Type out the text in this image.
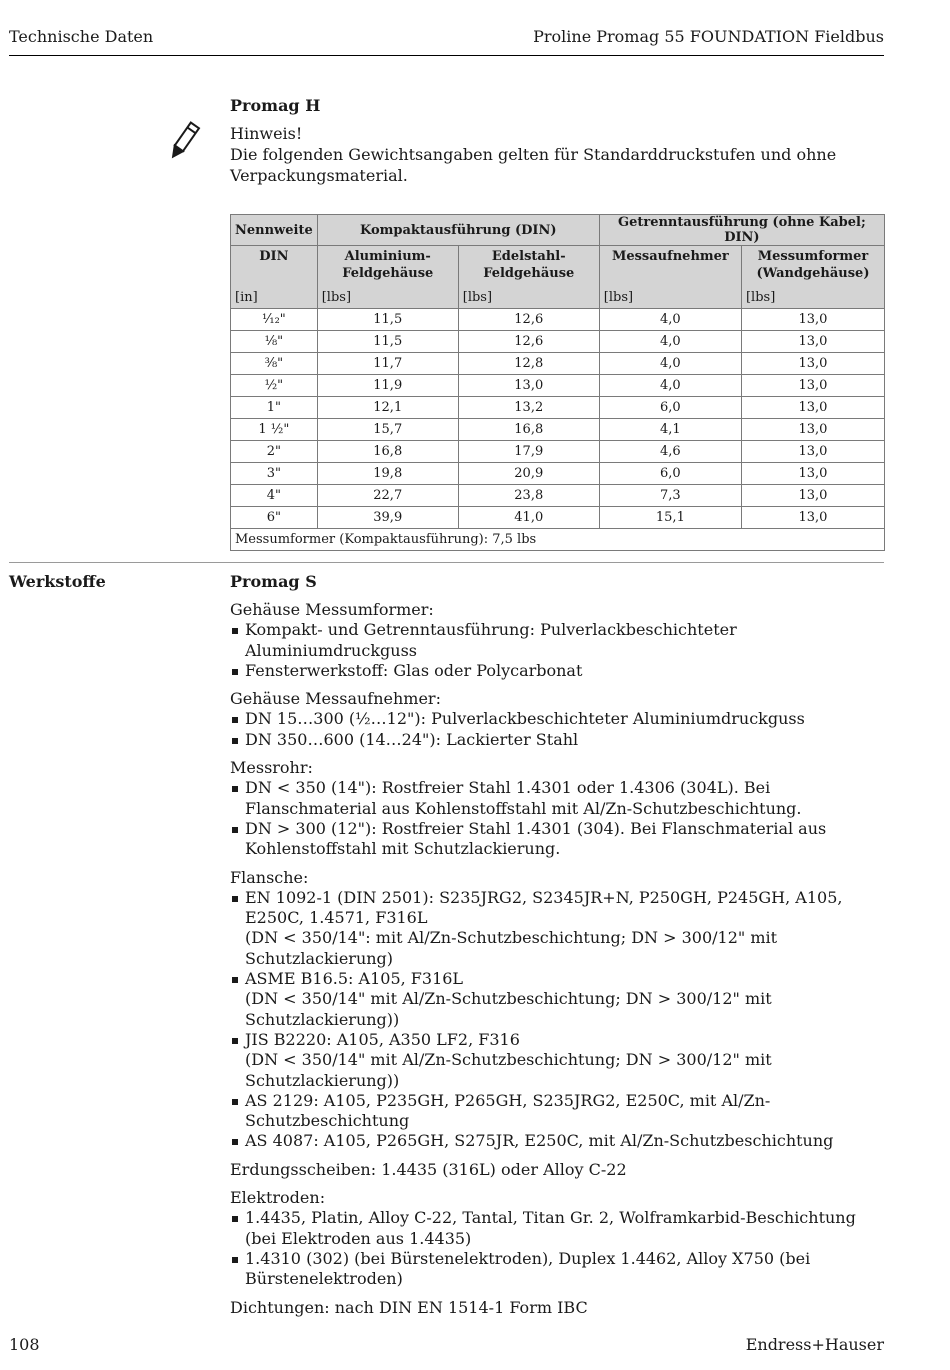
Technische Daten	Proline Promag 55 FOUNDATION Fieldbus
Promag H
Hinweis!
Die folgenden Gewichtsangaben gelten für Standarddruckstufen und ohne Verpackungsmaterial.
Nennweite	Kompaktausführung (DIN)		Getrenntausführung (ohne Kabel; DIN)	
DIN	Aluminium-Feldgehäuse	Edelstahl-Feldgehäuse	Messaufnehmer	Messumformer (Wandgehäuse)
[in]	[lbs]	[lbs]	[lbs]	[lbs]
¹⁄₁₂"	11,5	12,6	4,0	13,0
¹⁄₈"	11,5	12,6	4,0	13,0
³⁄₈"	11,7	12,8	4,0	13,0
½"	11,9	13,0	4,0	13,0
1"	12,1	13,2	6,0	13,0
1 ½"	15,7	16,8	4,1	13,0
2"	16,8	17,9	4,6	13,0
3"	19,8	20,9	6,0	13,0
4"	22,7	23,8	7,3	13,0
6"	39,9	41,0	15,1	13,0
Messumformer (Kompaktausführung): 7,5 lbs				
Werkstoffe	Promag S
Gehäuse Messumformer:
Kompakt- und Getrenntausführung: Pulverlackbeschichteter Aluminiumdruckguss
Fensterwerkstoff: Glas oder Polycarbonat
Gehäuse Messaufnehmer:
DN 15…300 (½…12"): Pulverlackbeschichteter Aluminiumdruckguss
DN 350…600 (14…24"): Lackierter Stahl
Messrohr:
DN < 350 (14"): Rostfreier Stahl 1.4301 oder 1.4306 (304L). Bei Flanschmaterial aus Kohlenstoffstahl mit Al/Zn-Schutzbeschichtung.
DN > 300 (12"): Rostfreier Stahl 1.4301 (304). Bei Flanschmaterial aus Kohlenstoffstahl mit Schutzlackierung.
Flansche:
EN 1092-1 (DIN 2501): S235JRG2, S2345JR+N, P250GH, P245GH, A105, E250C, 1.4571, F316L
(DN < 350/14": mit Al/Zn-Schutzbeschichtung; DN > 300/12" mit Schutzlackierung)
ASME B16.5: A105, F316L
(DN < 350/14" mit Al/Zn-Schutzbeschichtung; DN > 300/12" mit Schutzlackierung))
JIS B2220: A105, A350 LF2, F316
(DN < 350/14" mit Al/Zn-Schutzbeschichtung; DN > 300/12" mit Schutzlackierung))
AS 2129: A105, P235GH, P265GH, S235JRG2, E250C, mit Al/Zn-Schutzbeschichtung
AS 4087: A105, P265GH, S275JR, E250C, mit Al/Zn-Schutzbeschichtung
Erdungsscheiben: 1.4435 (316L) oder Alloy C-22
Elektroden:
1.4435, Platin, Alloy C-22, Tantal, Titan Gr. 2, Wolframkarbid-Beschichtung (bei Elektroden aus 1.4435)
1.4310 (302) (bei Bürstenelektroden), Duplex 1.4462, Alloy X750 (bei Bürstenelektroden)
Dichtungen: nach DIN EN 1514-1 Form IBC
108	Endress+Hauser
